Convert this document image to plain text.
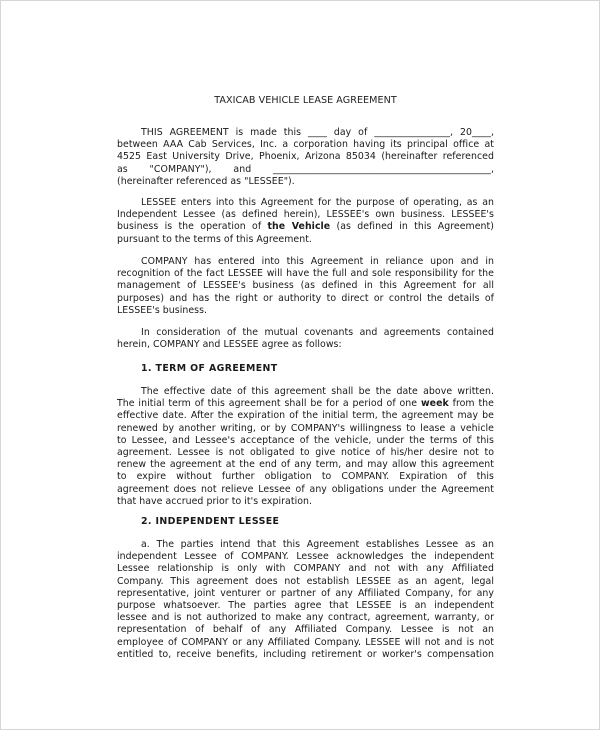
TAXICAB VEHICLE LEASE AGREEMENT
THIS AGREEMENT is made this ____ day of ________________, 20____,
between AAA Cab Services, Inc. a corporation having its principal office at
4525 East University Drive, Phoenix, Arizona 85034 (hereinafter referenced
as "COMPANY"), and ______________________________________________,
(hereinafter referenced as "LESSEE").
LESSEE enters into this Agreement for the purpose of operating, as an
Independent Lessee (as defined herein), LESSEE's own business. LESSEE's
business is the operation of the Vehicle (as defined in this Agreement)
pursuant to the terms of this Agreement.
COMPANY has entered into this Agreement in reliance upon and in
recognition of the fact LESSEE will have the full and sole responsibility for the
management of LESSEE's business (as defined in this Agreement for all
purposes) and has the right or authority to direct or control the details of
LESSEE's business.
In consideration of the mutual covenants and agreements contained
herein, COMPANY and LESSEE agree as follows:
1. TERM OF AGREEMENT
The effective date of this agreement shall be the date above written.
The initial term of this agreement shall be for a period of one week from the
effective date. After the expiration of the initial term, the agreement may be
renewed by another writing, or by COMPANY's willingness to lease a vehicle
to Lessee, and Lessee's acceptance of the vehicle, under the terms of this
agreement. Lessee is not obligated to give notice of his/her desire not to
renew the agreement at the end of any term, and may allow this agreement
to expire without further obligation to COMPANY. Expiration of this
agreement does not relieve Lessee of any obligations under the Agreement
that have accrued prior to it's expiration.
2. INDEPENDENT LESSEE
a. The parties intend that this Agreement establishes Lessee as an
independent Lessee of COMPANY. Lessee acknowledges the independent
Lessee relationship is only with COMPANY and not with any Affiliated
Company. This agreement does not establish LESSEE as an agent, legal
representative, joint venturer or partner of any Affiliated Company, for any
purpose whatsoever. The parties agree that LESSEE is an independent
lessee and is not authorized to make any contract, agreement, warranty, or
representation of behalf of any Affiliated Company. Lessee is not an
employee of COMPANY or any Affiliated Company. LESSEE will not and is not
entitled to, receive benefits, including retirement or worker's compensation
